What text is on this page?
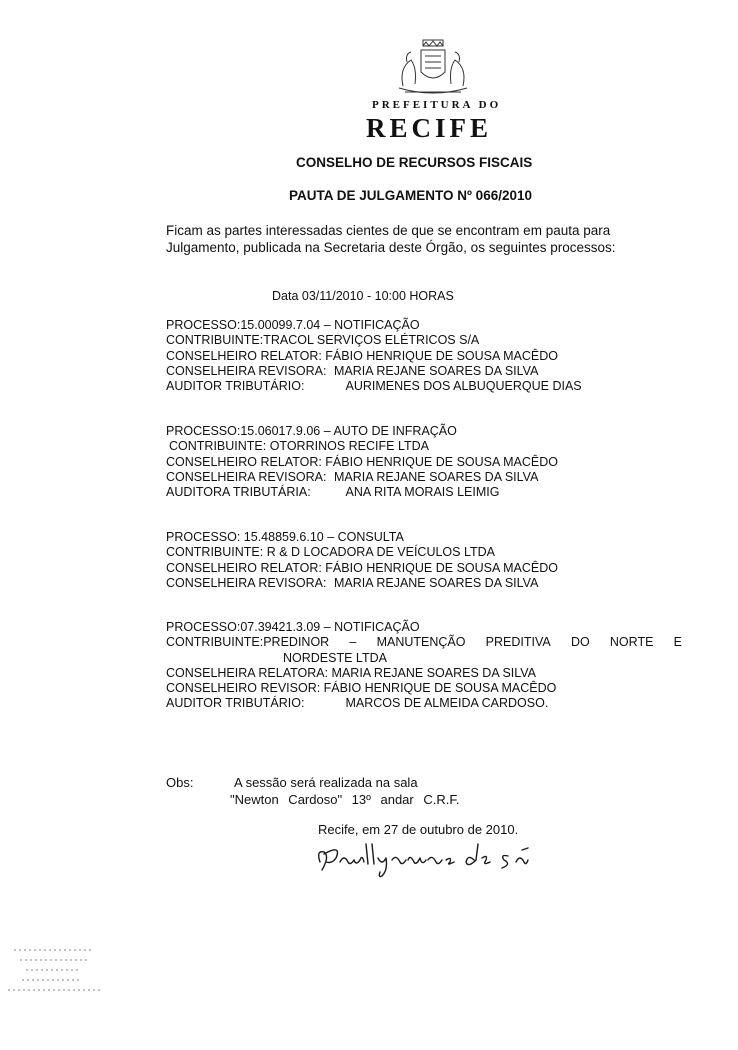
PREFEITURA DO
RECIFE
CONSELHO DE RECURSOS FISCAIS
PAUTA DE JULGAMENTO Nº 066/2010
Ficam as partes interessadas cientes de que se encontram em pauta para
Julgamento, publicada na Secretaria deste Órgão, os seguintes processos:
Data 03/11/2010 - 10:00 HORAS
PROCESSO:15.00099.7.04 – NOTIFICAÇÃO
CONTRIBUINTE:TRACOL SERVIÇOS ELÉTRICOS S/A
CONSELHEIRO RELATOR: FÁBIO HENRIQUE DE SOUSA MACÊDO
CONSELHEIRA REVISORA: MARIA REJANE SOARES DA SILVA
AUDITOR TRIBUTÁRIO:	AURIMENES DOS ALBUQUERQUE DIAS
PROCESSO:15.06017.9.06 – AUTO DE INFRAÇÃO
CONTRIBUINTE: OTORRINOS RECIFE LTDA
CONSELHEIRO RELATOR: FÁBIO HENRIQUE DE SOUSA MACÊDO
CONSELHEIRA REVISORA: MARIA REJANE SOARES DA SILVA
AUDITORA TRIBUTÁRIA:	ANA RITA MORAIS LEIMIG
PROCESSO: 15.48859.6.10 – CONSULTA
CONTRIBUINTE: R & D LOCADORA DE VEÍCULOS LTDA
CONSELHEIRO RELATOR: FÁBIO HENRIQUE DE SOUSA MACÊDO
CONSELHEIRA REVISORA: MARIA REJANE SOARES DA SILVA
PROCESSO:07.39421.3.09 – NOTIFICAÇÃO
CONTRIBUINTE:PREDINOR – MANUTENÇÃO PREDITIVA DO NORTE E
NORDESTE LTDA
CONSELHEIRA RELATORA: MARIA REJANE SOARES DA SILVA
CONSELHEIRO REVISOR: FÁBIO HENRIQUE DE SOUSA MACÊDO
AUDITOR TRIBUTÁRIO:	MARCOS DE ALMEIDA CARDOSO.
Obs:	A sessão será realizada na sala
"Newton Cardoso" 13º andar C.R.F.
Recife, em 27 de outubro de 2010.
